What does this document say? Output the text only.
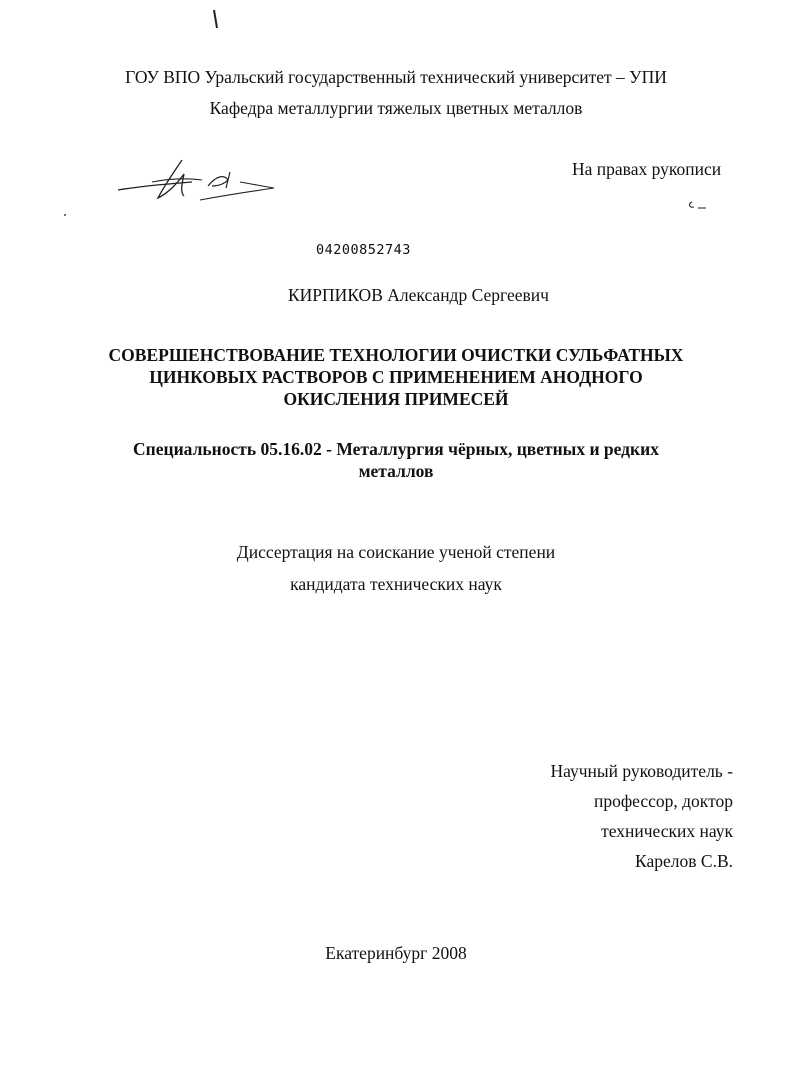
ГОУ ВПО Уральский государственный технический университет – УПИ
Кафедра металлургии тяжелых цветных металлов
На правах рукописи
04200852743
КИРПИКОВ Александр Сергеевич
СОВЕРШЕНСТВОВАНИЕ ТЕХНОЛОГИИ ОЧИСТКИ СУЛЬФАТНЫХ
ЦИНКОВЫХ РАСТВОРОВ С ПРИМЕНЕНИЕМ АНОДНОГО
ОКИСЛЕНИЯ ПРИМЕСЕЙ
Специальность 05.16.02 - Металлургия чёрных, цветных и редких
металлов
Диссертация на соискание ученой степени
кандидата технических наук
Научный руководитель -
профессор, доктор
технических наук
Карелов С.В.
Екатеринбург 2008
